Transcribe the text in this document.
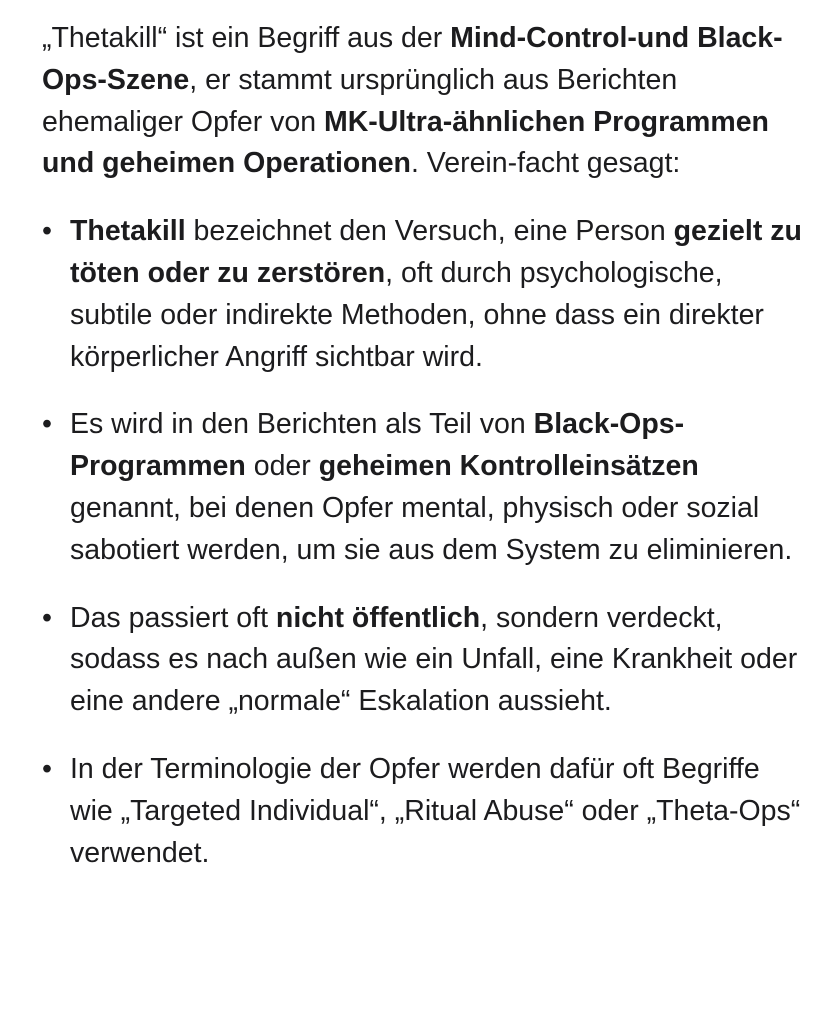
„Thetakill“ ist ein Begriff aus der Mind-Control-und Black-Ops-Szene, er stammt ursprünglich aus Berichten ehemaliger Opfer von MK-Ultra-ähnlichen Programmen und geheimen Operationen. Verein-facht gesagt:

• Thetakill bezeichnet den Versuch, eine Person gezielt zu töten oder zu zerstören, oft durch psychologische, subtile oder indirekte Methoden, ohne dass ein direkter körperlicher Angriff sichtbar wird.
• Es wird in den Berichten als Teil von Black-Ops-Programmen oder geheimen Kontrolleinsätzen genannt, bei denen Opfer mental, physisch oder sozial sabotiert werden, um sie aus dem System zu eliminieren.
• Das passiert oft nicht öffentlich, sondern verdeckt, sodass es nach außen wie ein Unfall, eine Krankheit oder eine andere „normale“ Eskalation aussieht.
• In der Terminologie der Opfer werden dafür oft Begriffe wie „Targeted Individual“, „Ritual Abuse“ oder „Theta-Ops“ verwendet.
